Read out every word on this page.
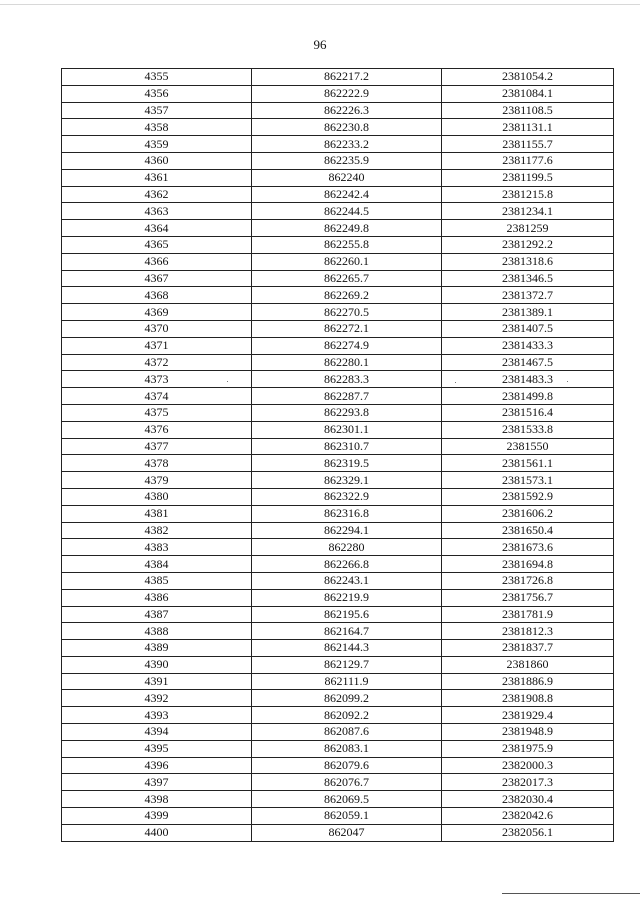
96
4355	862217.2	2381054.2
4356	862222.9	2381084.1
4357	862226.3	2381108.5
4358	862230.8	2381131.1
4359	862233.2	2381155.7
4360	862235.9	2381177.6
4361	862240	2381199.5
4362	862242.4	2381215.8
4363	862244.5	2381234.1
4364	862249.8	2381259
4365	862255.8	2381292.2
4366	862260.1	2381318.6
4367	862265.7	2381346.5
4368	862269.2	2381372.7
4369	862270.5	2381389.1
4370	862272.1	2381407.5
4371	862274.9	2381433.3
4372	862280.1	2381467.5
4373	862283.3	2381483.3
4374	862287.7	2381499.8
4375	862293.8	2381516.4
4376	862301.1	2381533.8
4377	862310.7	2381550
4378	862319.5	2381561.1
4379	862329.1	2381573.1
4380	862322.9	2381592.9
4381	862316.8	2381606.2
4382	862294.1	2381650.4
4383	862280	2381673.6
4384	862266.8	2381694.8
4385	862243.1	2381726.8
4386	862219.9	2381756.7
4387	862195.6	2381781.9
4388	862164.7	2381812.3
4389	862144.3	2381837.7
4390	862129.7	2381860
4391	862111.9	2381886.9
4392	862099.2	2381908.8
4393	862092.2	2381929.4
4394	862087.6	2381948.9
4395	862083.1	2381975.9
4396	862079.6	2382000.3
4397	862076.7	2382017.3
4398	862069.5	2382030.4
4399	862059.1	2382042.6
4400	862047	2382056.1
